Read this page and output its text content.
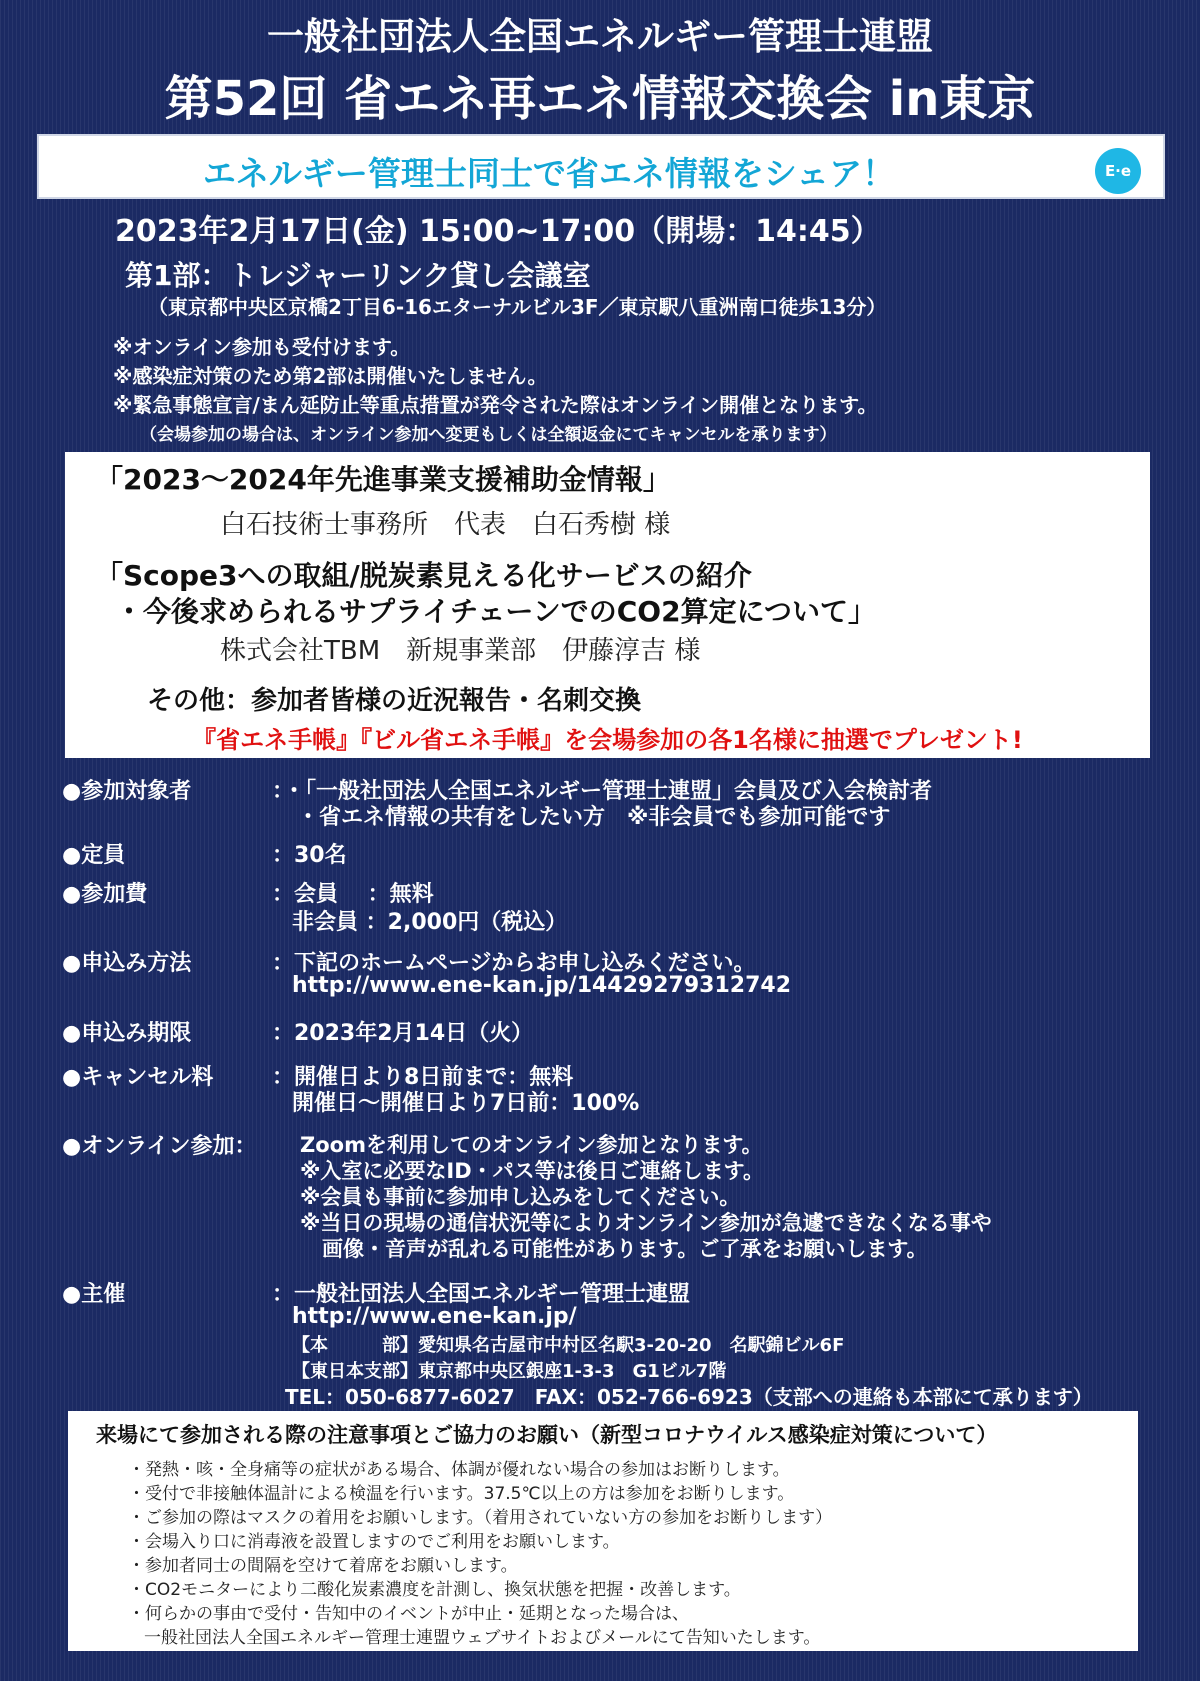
一般社団法人全国エネルギー管理士連盟
第52回 省エネ再エネ情報交換会 in東京
エネルギー管理士同士で省エネ情報をシェア！	E·e
2023年2月17日(金) 15:00~17:00（開場：14:45）
第1部：トレジャーリンク貸し会議室
（東京都中央区京橋2丁目6-16エターナルビル3F／東京駅八重洲南口徒歩13分）
※オンライン参加も受付けます。
※感染症対策のため第2部は開催いたしません。
※緊急事態宣言/まん延防止等重点措置が発令された際はオンライン開催となります。
（会場参加の場合は、オンライン参加へ変更もしくは全額返金にてキャンセルを承ります）
「2023～2024年先進事業支援補助金情報」
白石技術士事務所　代表　白石秀樹 様
「Scope3への取組/脱炭素見える化サービスの紹介
・今後求められるサプライチェーンでのCO2算定について」
株式会社TBM　新規事業部　伊藤淳吉 様
その他：参加者皆様の近況報告・名刺交換
『省エネ手帳』『ビル省エネ手帳』を会場参加の各1名様に抽選でプレゼント!
●参加対象者	：・「一般社団法人全国エネルギー管理士連盟」会員及び入会検討者
・省エネ情報の共有をしたい方　※非会員でも参加可能です
●定員	：30名
●参加費	：会員　 ：無料
非会員 ：2,000円（税込）
●申込み方法	：下記のホームページからお申し込みください。
http://www.ene-kan.jp/14429279312742
●申込み期限	：2023年2月14日（火）
●キャンセル料	：開催日より8日前まで：無料
開催日～開催日より7日前：100%
●オンライン参加： Zoomを利用してのオンライン参加となります。
※入室に必要なID・パス等は後日ご連絡します。
※会員も事前に参加申し込みをしてください。
※当日の現場の通信状況等によりオンライン参加が急遽できなくなる事や
画像・音声が乱れる可能性があります。ご了承をお願いします。
●主催	：一般社団法人全国エネルギー管理士連盟
http://www.ene-kan.jp/
【本　　　部】愛知県名古屋市中村区名駅3-20-20　名駅錦ビル6F
【東日本支部】東京都中央区銀座1-3-3　G1ビル7階
TEL：050-6877-6027　FAX：052-766-6923（支部への連絡も本部にて承ります）
来場にて参加される際の注意事項とご協力のお願い（新型コロナウイルス感染症対策について）
・発熱・咳・全身痛等の症状がある場合、体調が優れない場合の参加はお断りします。
・受付で非接触体温計による検温を行います。37.5℃以上の方は参加をお断りします。
・ご参加の際はマスクの着用をお願いします。（着用されていない方の参加をお断りします）
・会場入り口に消毒液を設置しますのでご利用をお願いします。
・参加者同士の間隔を空けて着席をお願いします。
・CO2モニターにより二酸化炭素濃度を計測し、換気状態を把握・改善します。
・何らかの事由で受付・告知中のイベントが中止・延期となった場合は、
一般社団法人全国エネルギー管理士連盟ウェブサイトおよびメールにて告知いたします。
